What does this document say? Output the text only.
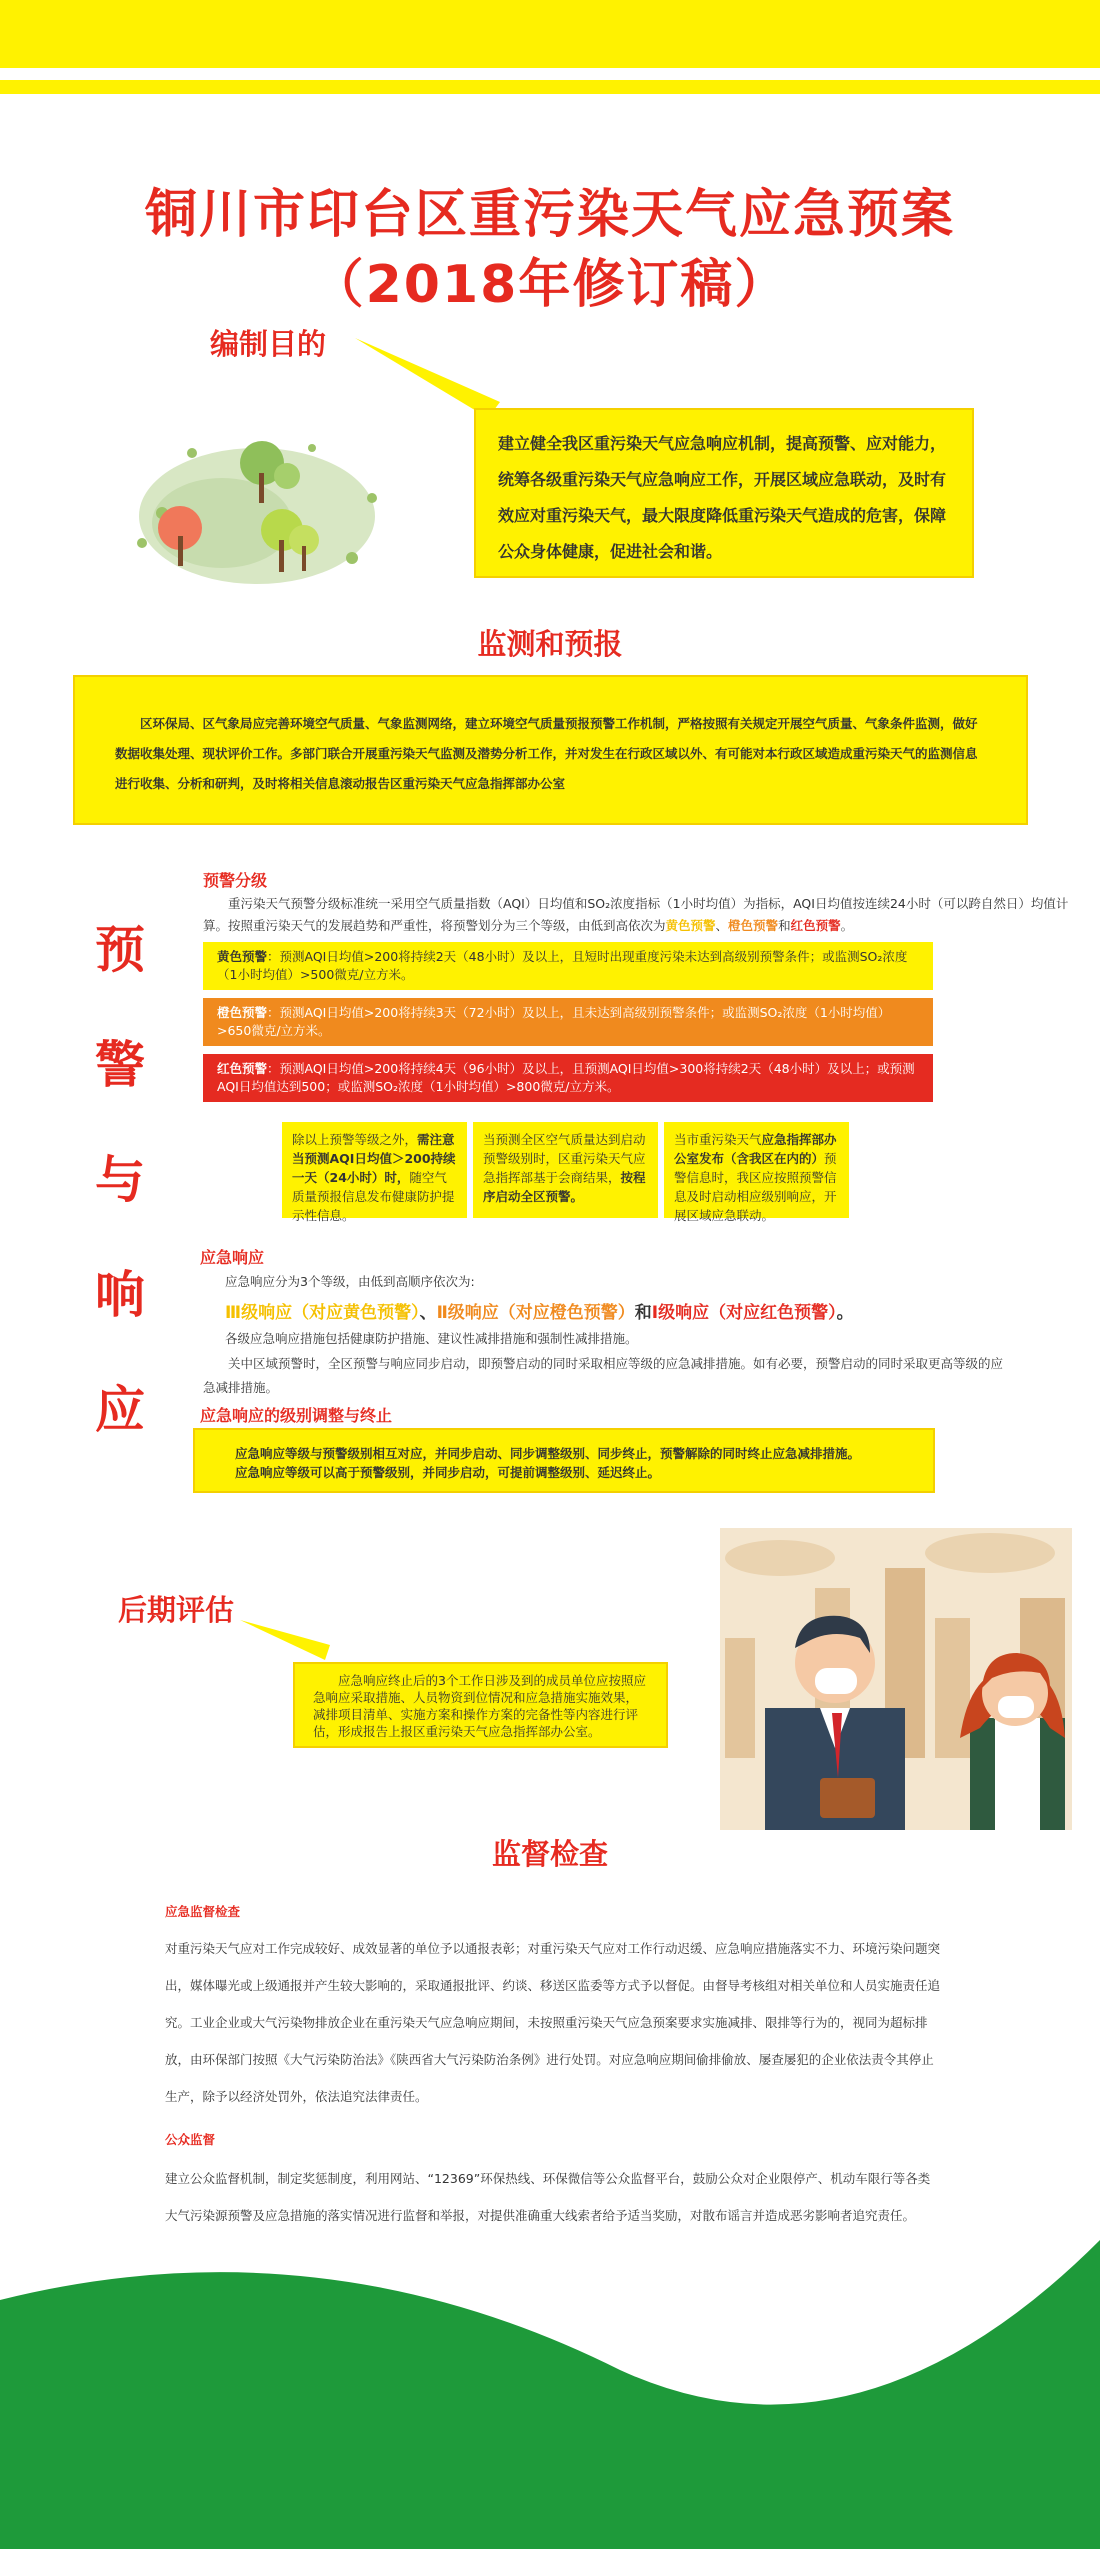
铜川市印台区重污染天气应急预案
（2018年修订稿）
编制目的
建立健全我区重污染天气应急响应机制，提高预警、应对能力，统筹各级重污染天气应急响应工作，开展区域应急联动，及时有效应对重污染天气，最大限度降低重污染天气造成的危害，保障公众身体健康，促进社会和谐。
监测和预报
区环保局、区气象局应完善环境空气质量、气象监测网络，建立环境空气质量预报预警工作机制，严格按照有关规定开展空气质量、气象条件监测，做好数据收集处理、现状评价工作。多部门联合开展重污染天气监测及潜势分析工作，并对发生在行政区域以外、有可能对本行政区域造成重污染天气的监测信息进行收集、分析和研判，及时将相关信息滚动报告区重污染天气应急指挥部办公室
预
警
与
响
应
预警分级
重污染天气预警分级标准统一采用空气质量指数（AQI）日均值和SO₂浓度指标（1小时均值）为指标，AQI日均值按连续24小时（可以跨自然日）均值计算。按照重污染天气的发展趋势和严重性，将预警划分为三个等级，由低到高依次为黄色预警、橙色预警和红色预警。
黄色预警：预测AQI日均值>200将持续2天（48小时）及以上，且短时出现重度污染未达到高级别预警条件；或监测SO₂浓度（1小时均值）>500微克/立方米。
橙色预警：预测AQI日均值>200将持续3天（72小时）及以上，且未达到高级别预警条件；或监测SO₂浓度（1小时均值）>650微克/立方米。
红色预警：预测AQI日均值>200将持续4天（96小时）及以上，且预测AQI日均值>300将持续2天（48小时）及以上；或预测AQI日均值达到500；或监测SO₂浓度（1小时均值）>800微克/立方米。
除以上预警等级之外，需注意当预测AQI日均值＞200持续一天（24小时）时，随空气质量预报信息发布健康防护提示性信息。
当预测全区空气质量达到启动预警级别时，区重污染天气应急指挥部基于会商结果，按程序启动全区预警。
当市重污染天气应急指挥部办公室发布（含我区在内的）预警信息时，我区应按照预警信息及时启动相应级别响应，开展区域应急联动。
应急响应
应急响应分为3个等级，由低到高顺序依次为:
Ⅲ级响应（对应黄色预警）、Ⅱ级响应（对应橙色预警）和Ⅰ级响应（对应红色预警）。
各级应急响应措施包括健康防护措施、建议性减排措施和强制性减排措施。
关中区域预警时，全区预警与响应同步启动，即预警启动的同时采取相应等级的应急减排措施。如有必要，预警启动的同时采取更高等级的应急减排措施。
应急响应的级别调整与终止
应急响应等级与预警级别相互对应，并同步启动、同步调整级别、同步终止，预警解除的同时终止应急减排措施。
应急响应等级可以高于预警级别，并同步启动，可提前调整级别、延迟终止。
后期评估
应急响应终止后的3个工作日涉及到的成员单位应按照应急响应采取措施、人员物资到位情况和应急措施实施效果，减排项目清单、实施方案和操作方案的完备性等内容进行评估，形成报告上报区重污染天气应急指挥部办公室。
监督检查
应急监督检查
对重污染天气应对工作完成较好、成效显著的单位予以通报表彰；对重污染天气应对工作行动迟缓、应急响应措施落实不力、环境污染问题突出，媒体曝光或上级通报并产生较大影响的，采取通报批评、约谈、移送区监委等方式予以督促。由督导考核组对相关单位和人员实施责任追究。工业企业或大气污染物排放企业在重污染天气应急响应期间，未按照重污染天气应急预案要求实施减排、限排等行为的，视同为超标排放，由环保部门按照《大气污染防治法》《陕西省大气污染防治条例》进行处罚。对应急响应期间偷排偷放、屡查屡犯的企业依法责令其停止生产，除予以经济处罚外，依法追究法律责任。
公众监督
建立公众监督机制，制定奖惩制度，利用网站、“12369”环保热线、环保微信等公众监督平台，鼓励公众对企业限停产、机动车限行等各类大气污染源预警及应急措施的落实情况进行监督和举报，对提供准确重大线索者给予适当奖励，对散布谣言并造成恶劣影响者追究责任。
